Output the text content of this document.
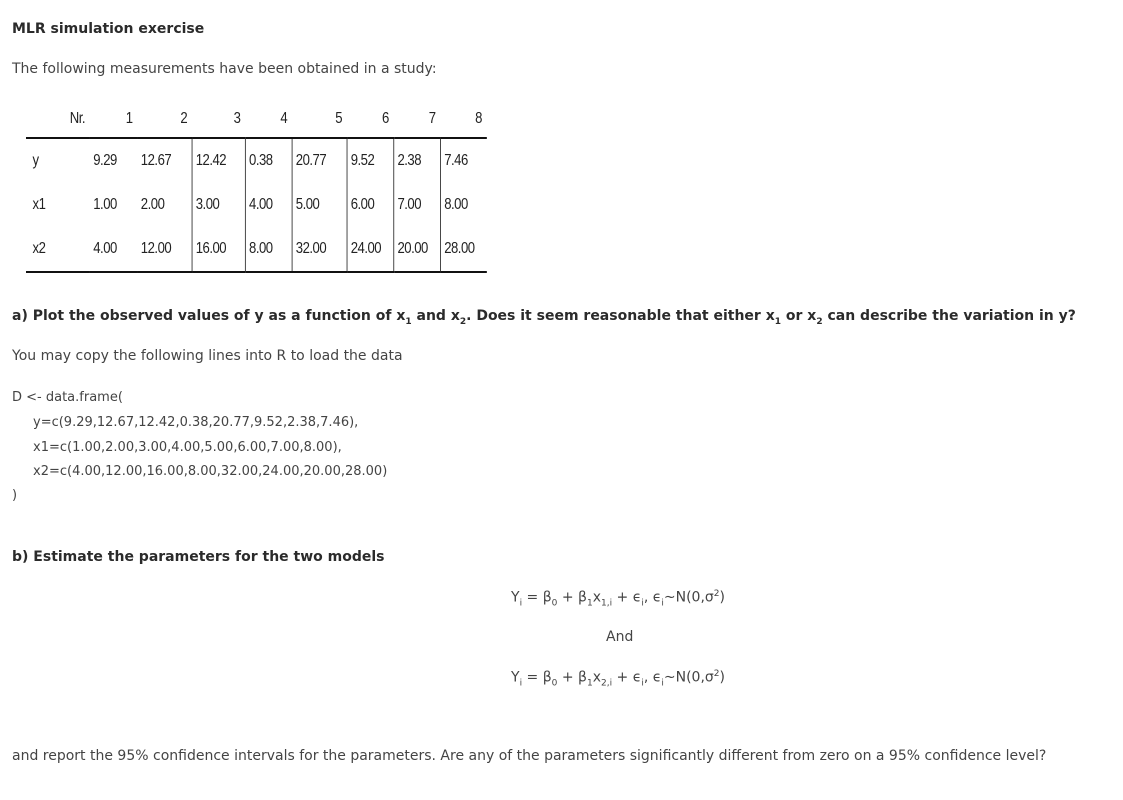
MLR simulation exercise
The following measurements have been obtained in a study:
Nr.	1	2	3	4	5	6	7	8
y	9.29	12.67	12.42	0.38	20.77	9.52	2.38	7.46
x1	1.00	2.00	3.00	4.00	5.00	6.00	7.00	8.00
x2	4.00	12.00	16.00	8.00	32.00	24.00	20.00	28.00
a) Plot the observed values of y as a function of $x_1$ and $x_2$. Does it seem reasonable that either $x_1$ or $x_2$ can describe the variation in y?
You may copy the following lines into R to load the data
D <- data.frame(
y=c(9.29,12.67,12.42,0.38,20.77,9.52,2.38,7.46),
x1=c(1.00,2.00,3.00,4.00,5.00,6.00,7.00,8.00),
x2=c(4.00,12.00,16.00,8.00,32.00,24.00,20.00,28.00)
)
b) Estimate the parameters for the two models
$Y_i = \beta_0 + \beta_1x_{1,i} + \epsilon_i$, $\epsilon_i\sim N(0,\sigma^2)$
And
$Y_i = \beta_0 + \beta_1x_{2,i} + \epsilon_i$, $\epsilon_i\sim N(0,\sigma^2)$
and report the 95% confidence intervals for the parameters. Are any of the parameters significantly different from zero on a 95% confidence level?
